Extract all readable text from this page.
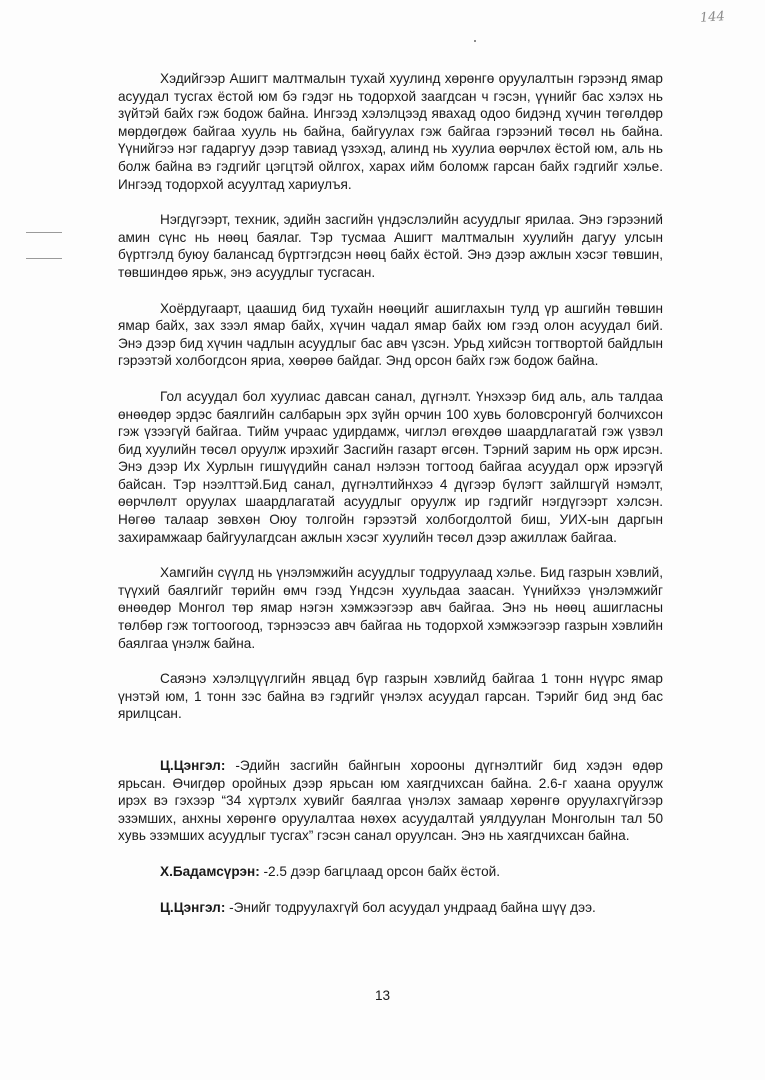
144

Хэдийгээр Ашигт малтмалын тухай хуулинд хөрөнгө оруулалтын гэрээнд ямар асуудал тусгах ёстой юм бэ гэдэг нь тодорхой заагдсан ч гэсэн, үүнийг бас хэлэх нь зүйтэй байх гэж бодож байна. Ингээд хэлэлцээд явахад одоо бидэнд хүчин төгөлдөр мөрдөгдөж байгаа хууль нь байна, байгуулах гэж байгаа гэрээний төсөл нь байна. Үүнийгээ нэг гадаргуу дээр тавиад үзэхэд, алинд нь хуулиа өөрчлөх ёстой юм, аль нь болж байна вэ гэдгийг цэгцтэй ойлгох, харах ийм боломж гарсан байх гэдгийг хэлье. Ингээд тодорхой асуултад хариулъя.

Нэгдүгээрт, техник, эдийн засгийн үндэслэлийн асуудлыг ярилаа. Энэ гэрээний амин сүнс нь нөөц баялаг. Тэр тусмаа Ашигт малтмалын хуулийн дагуу улсын бүртгэлд буюу балансад бүртгэгдсэн нөөц байх ёстой. Энэ дээр ажлын хэсэг төвшин, төвшиндөө ярьж, энэ асуудлыг тусгасан.

Хоёрдугаарт, цаашид бид тухайн нөөцийг ашиглахын тулд үр ашгийн төвшин ямар байх, зах зээл ямар байх, хүчин чадал ямар байх юм гээд олон асуудал бий. Энэ дээр бид хүчин чадлын асуудлыг бас авч үзсэн. Урьд хийсэн тогтвортой байдлын гэрээтэй холбогдсон яриа, хөөрөө байдаг. Энд орсон байх гэж бодож байна.

Гол асуудал бол хуулиас давсан санал, дүгнэлт. Үнэхээр бид аль, аль талдаа өнөөдөр эрдэс баялгийн салбарын эрх зүйн орчин 100 хувь боловсронгуй болчихсон гэж үзээгүй байгаа. Тийм учраас удирдамж, чиглэл өгөхдөө шаардлагатай гэж үзвэл бид хуулийн төсөл оруулж ирэхийг Засгийн газарт өгсөн. Тэрний зарим нь орж ирсэн. Энэ дээр Их Хурлын гишүүдийн санал нэлээн тогтоод байгаа асуудал орж ирээгүй байсан. Тэр нээлттэй.Бид санал, дүгнэлтийнхээ 4 дүгээр бүлэгт зайлшгүй нэмэлт, өөрчлөлт оруулах шаардлагатай асуудлыг оруулж ир гэдгийг нэгдүгээрт хэлсэн. Нөгөө талаар зөвхөн Оюу толгойн гэрээтэй холбогдолтой биш, УИХ-ын даргын захирамжаар байгуулагдсан ажлын хэсэг хуулийн төсөл дээр ажиллаж байгаа.

Хамгийн сүүлд нь үнэлэмжийн асуудлыг тодруулаад хэлье. Бид газрын хэвлий, түүхий баялгийг төрийн өмч гээд Үндсэн хуульдаа заасан. Үүнийхээ үнэлэмжийг өнөөдөр Монгол төр ямар нэгэн хэмжээгээр авч байгаа. Энэ нь нөөц ашигласны төлбөр гэж тогтоогоод, тэрнээсээ авч байгаа нь тодорхой хэмжээгээр газрын хэвлийн баялгаа үнэлж байна.

Саяэнэ хэлэлцүүлгийн явцад бүр газрын хэвлийд байгаа 1 тонн нүүрс ямар үнэтэй юм, 1 тонн зэс байна вэ гэдгийг үнэлэх асуудал гарсан. Тэрийг бид энд бас ярилцсан.

Ц.Цэнгэл: -Эдийн засгийн байнгын хорооны дүгнэлтийг бид хэдэн өдөр ярьсан. Өчигдөр оройных дээр ярьсан юм хаягдчихсан байна. 2.6-г хаана оруулж ирэх вэ гэхээр “34 хүртэлх хувийг баялгаа үнэлэх замаар хөрөнгө оруулахгүйгээр эзэмших, анхны хөрөнгө оруулалтаа нөхөх асуудалтай уялдуулан Монголын тал 50 хувь эзэмших асуудлыг тусгах” гэсэн санал оруулсан. Энэ нь хаягдчихсан байна.

Х.Бадамсүрэн: -2.5 дээр багцлаад орсон байх ёстой.

Ц.Цэнгэл: -Энийг тодруулахгүй бол асуудал ундраад байна шүү дээ.

13
